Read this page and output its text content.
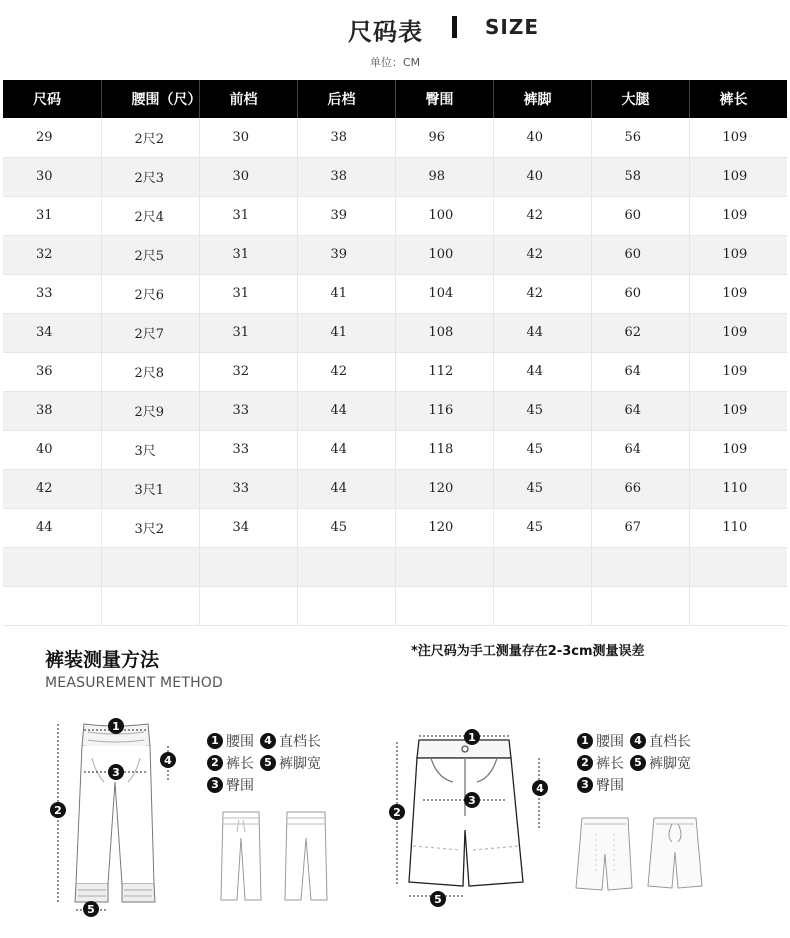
尺码表	SIZE
单位：CM
尺码	腰围（尺）	前档	后档	臀围	裤脚	大腿	裤长
29	2尺2	30	38	96	40	56	109
30	2尺3	30	38	98	40	58	109
31	2尺4	31	39	100	42	60	109
32	2尺5	31	39	100	42	60	109
33	2尺6	31	41	104	42	60	109
34	2尺7	31	41	108	44	62	109
36	2尺8	32	42	112	44	64	109
38	2尺9	33	44	116	45	64	109
40	3尺	33	44	118	45	64	109
42	3尺1	33	44	120	45	66	110
44	3尺2	34	45	120	45	67	110

裤装测量方法
MEASUREMENT METHOD
*注尺码为手工测量存在2-3cm测量误差
1
3
2
4
5
1 腰围 4 直档长
2 裤长 5 裤脚宽
3 臀围
1
3
2
4
5
1 腰围 4 直档长
2 裤长 5 裤脚宽
3 臀围
